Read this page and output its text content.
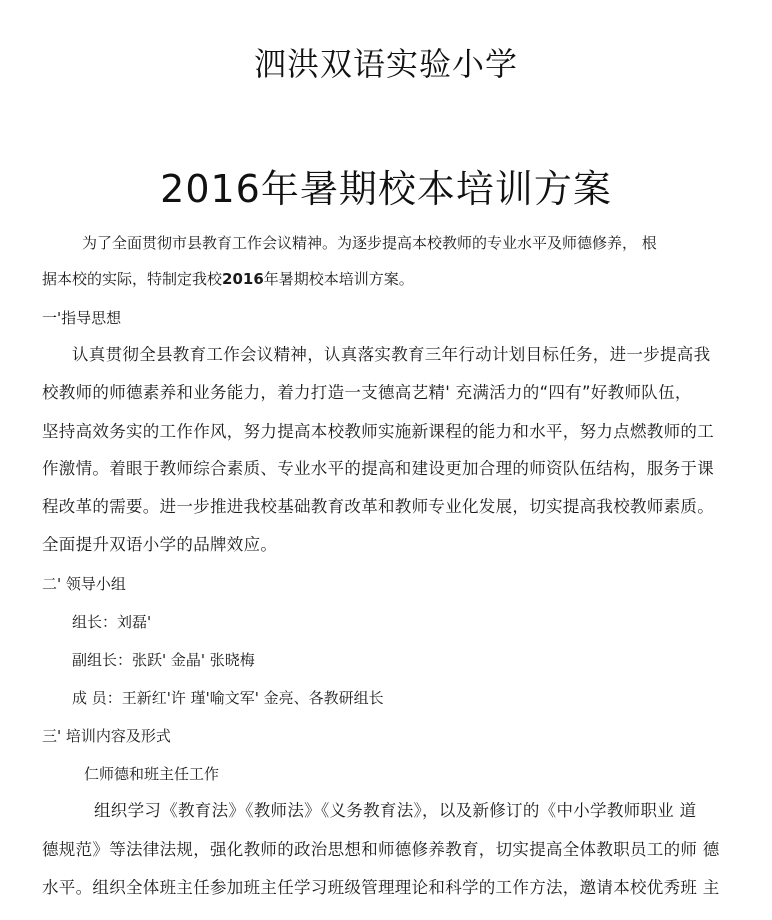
泗洪双语实验小学
2016年暑期校本培训方案
为了全面贯彻市县教育工作会议精神。为逐步提高本校教师的专业水平及师德修养， 根
据本校的实际，特制定我校2016年暑期校本培训方案。
一'指导思想
认真贯彻全县教育工作会议精神，认真落实教育三年行动计划目标任务，进一步提高我
校教师的师德素养和业务能力，着力打造一支德高艺精' 充满活力的“四有”好教师队伍，
坚持高效务实的工作作风，努力提高本校教师实施新课程的能力和水平，努力点燃教师的工
作激情。着眼于教师综合素质、专业水平的提高和建设更加合理的师资队伍结构，服务于课
程改革的需要。进一步推进我校基础教育改革和教师专业化发展，切实提高我校教师素质。
全面提升双语小学的品牌效应。
二' 领导小组
组长：刘磊'
副组长：张跃' 金晶' 张晓梅
成 员：王新红'许 瑾'喻文军' 金亮、各教研组长
三' 培训内容及形式
仁师德和班主任工作
组织学习《教育法》《教师法》《义务教育法》，以及新修订的《中小学教师职业 道
德规范》等法律法规，强化教师的政治思想和师德修养教育，切实提高全体教职员工的师 德
水平。组织全体班主任参加班主任学习班级管理理论和科学的工作方法，邀请本校优秀班 主
